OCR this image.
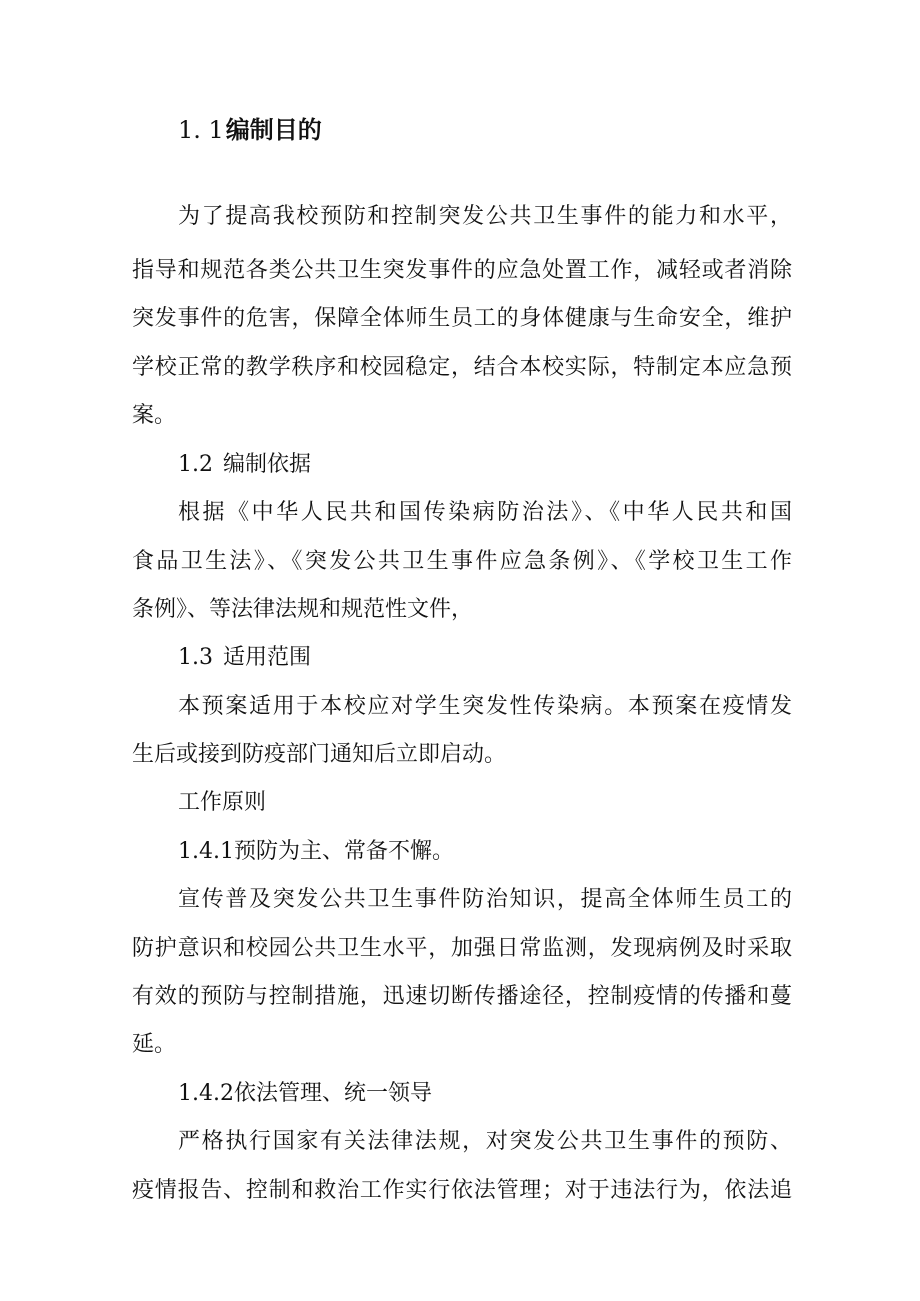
1. 1编制目的
为了提高我校预防和控制突发公共卫生事件的能力和水平，
指导和规范各类公共卫生突发事件的应急处置工作，减轻或者消除
突发事件的危害，保障全体师生员工的身体健康与生命安全，维护
学校正常的教学秩序和校园稳定，结合本校实际，特制定本应急预
案。
1.2 编制依据
根据《中华人民共和国传染病防治法》、《中华人民共和国
食品卫生法》、《突发公共卫生事件应急条例》、《学校卫生工作
条例》、等法律法规和规范性文件，
1.3 适用范围
本预案适用于本校应对学生突发性传染病。本预案在疫情发
生后或接到防疫部门通知后立即启动。
工作原则
1.4.1预防为主、常备不懈。
宣传普及突发公共卫生事件防治知识，提高全体师生员工的
防护意识和校园公共卫生水平，加强日常监测，发现病例及时采取
有效的预防与控制措施，迅速切断传播途径，控制疫情的传播和蔓
延。
1.4.2依法管理、统一领导
严格执行国家有关法律法规，对突发公共卫生事件的预防、
疫情报告、控制和救治工作实行依法管理；对于违法行为，依法追
